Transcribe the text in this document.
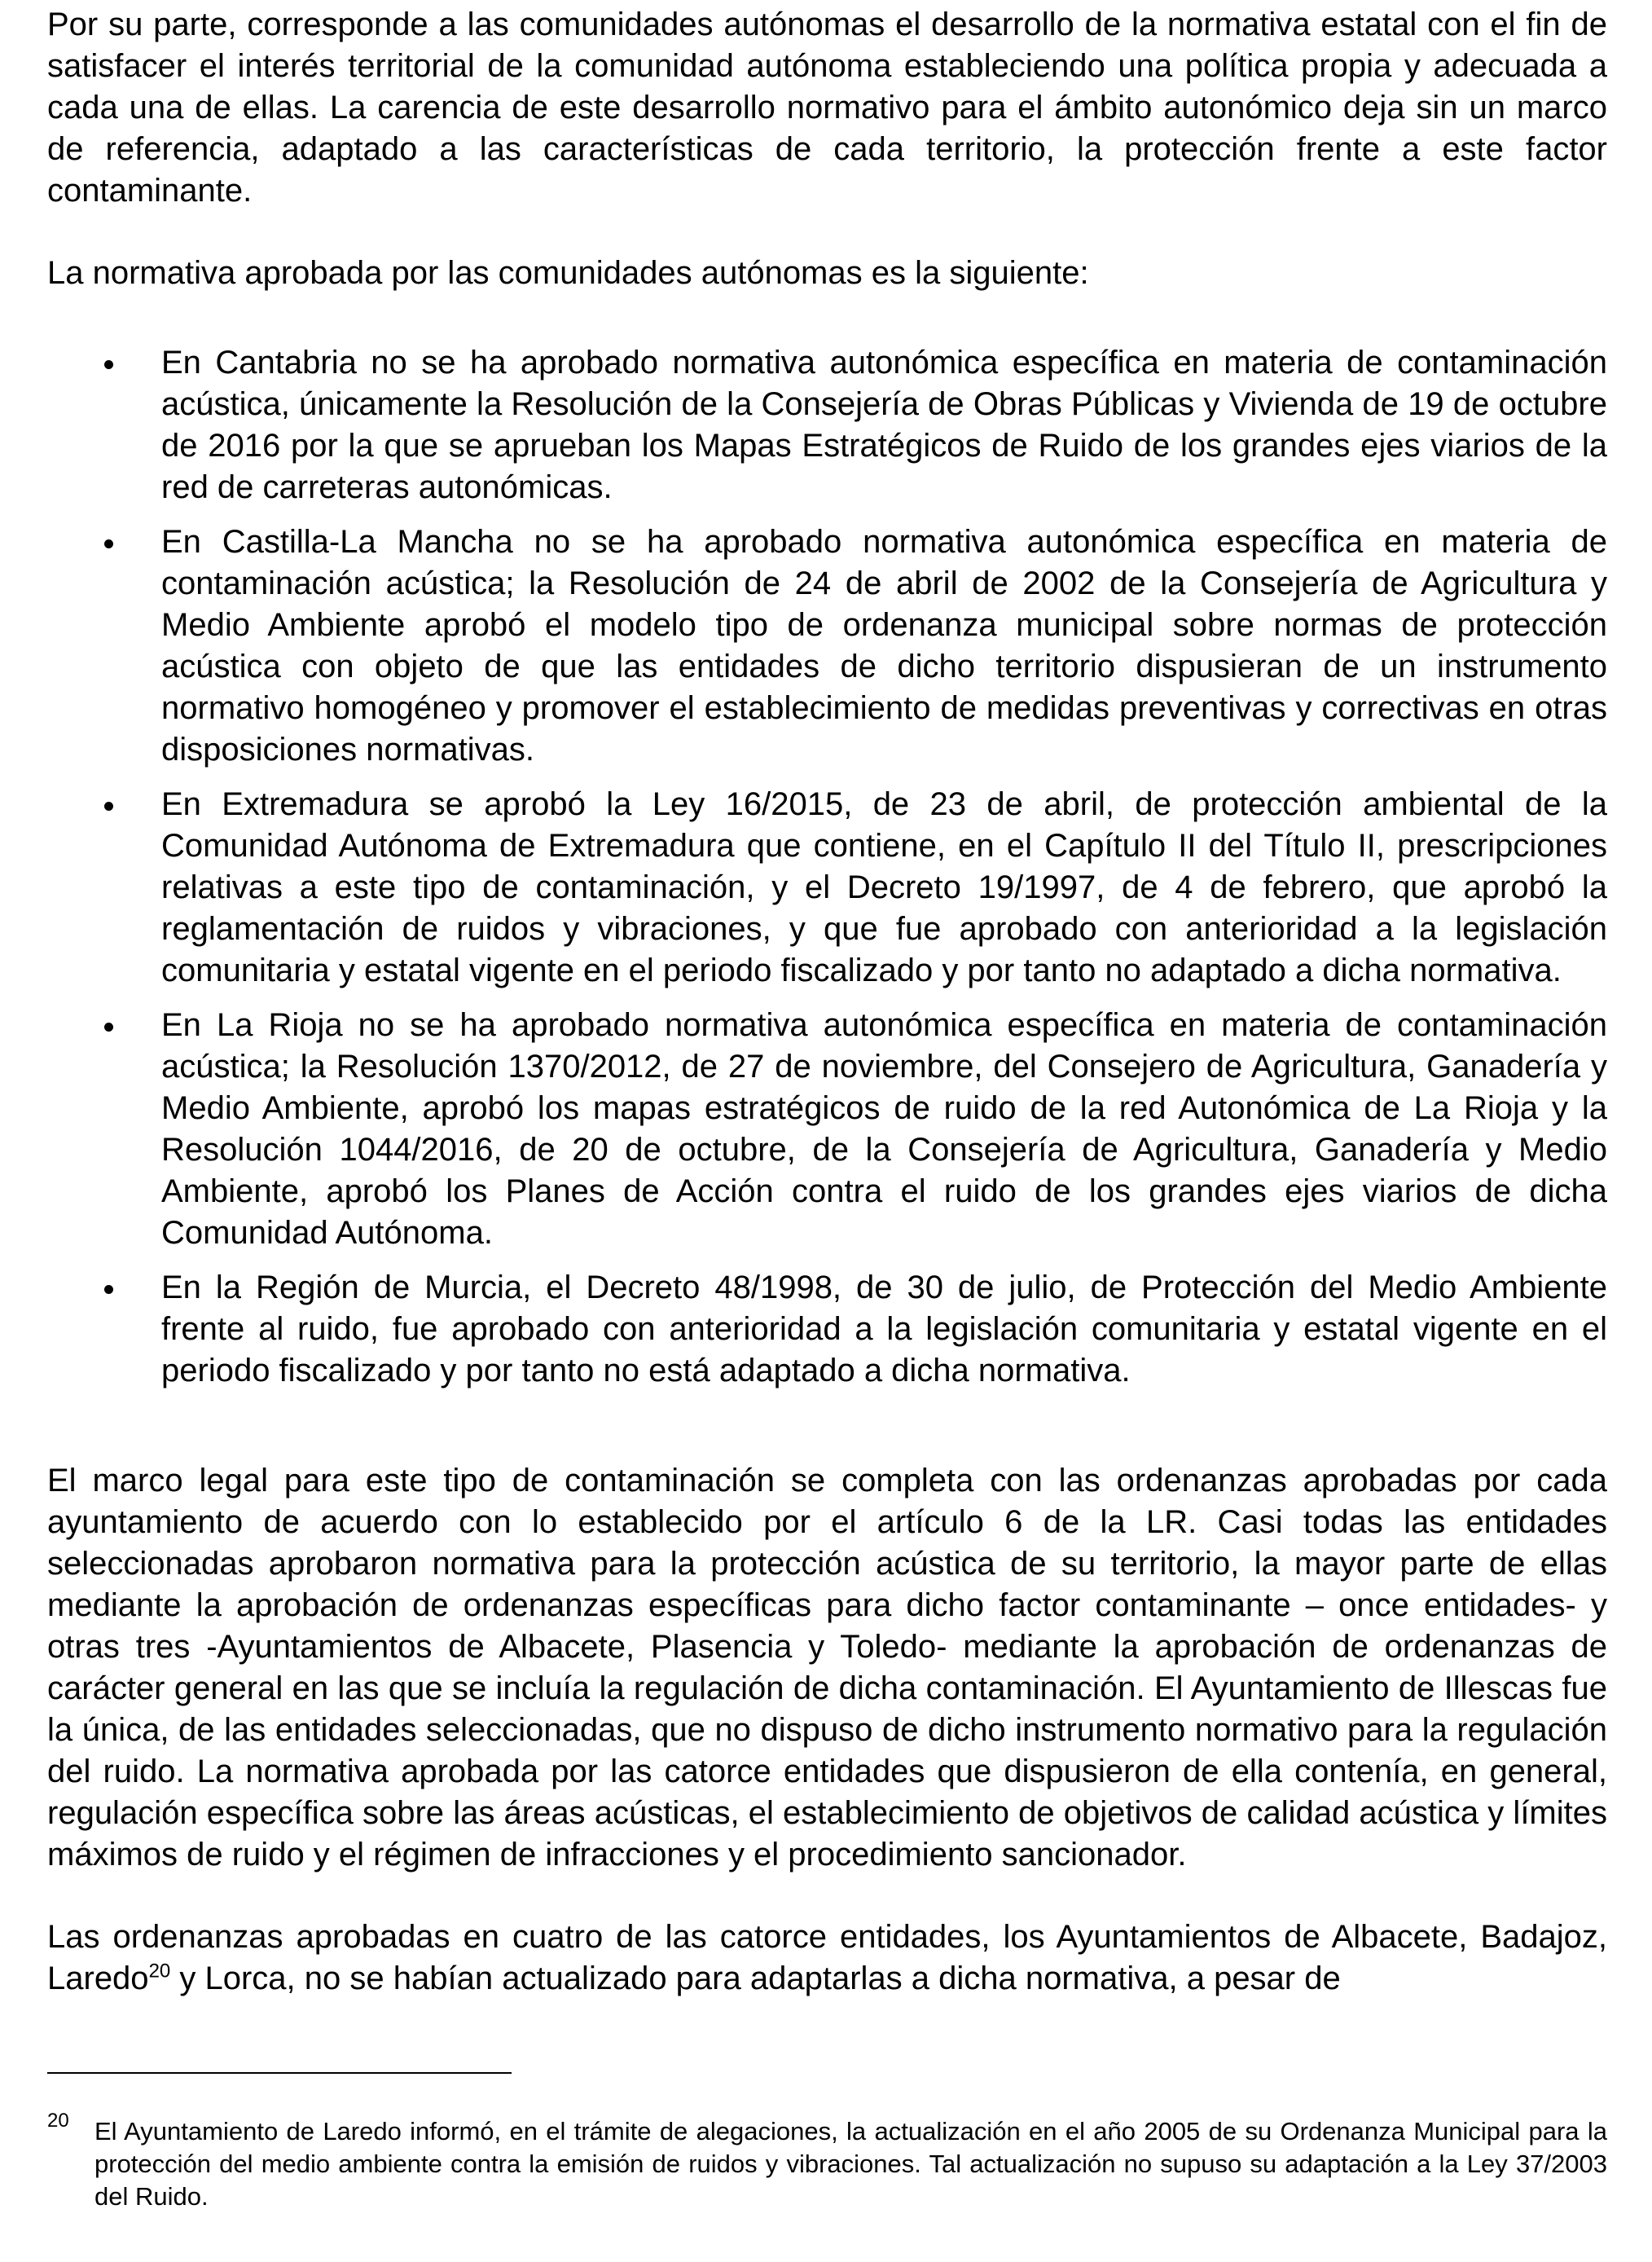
Por su parte, corresponde a las comunidades autónomas el desarrollo de la normativa estatal con el fin de satisfacer el interés territorial de la comunidad autónoma estableciendo una política propia y adecuada a cada una de ellas. La carencia de este desarrollo normativo para el ámbito autonómico deja sin un marco de referencia, adaptado a las características de cada territorio, la protección frente a este factor contaminante.

La normativa aprobada por las comunidades autónomas es la siguiente:

En Cantabria no se ha aprobado normativa autonómica específica en materia de contaminación acústica, únicamente la Resolución de la Consejería de Obras Públicas y Vivienda de 19 de octubre de 2016 por la que se aprueban los Mapas Estratégicos de Ruido de los grandes ejes viarios de la red de carreteras autonómicas.
En Castilla-La Mancha no se ha aprobado normativa autonómica específica en materia de contaminación acústica; la Resolución de 24 de abril de 2002 de la Consejería de Agricultura y Medio Ambiente aprobó el modelo tipo de ordenanza municipal sobre normas de protección acústica con objeto de que las entidades de dicho territorio dispusieran de un instrumento normativo homogéneo y promover el establecimiento de medidas preventivas y correctivas en otras disposiciones normativas.
En Extremadura se aprobó la Ley 16/2015, de 23 de abril, de protección ambiental de la Comunidad Autónoma de Extremadura que contiene, en el Capítulo II del Título II, prescripciones relativas a este tipo de contaminación, y el Decreto 19/1997, de 4 de febrero, que aprobó la reglamentación de ruidos y vibraciones, y que fue aprobado con anterioridad a la legislación comunitaria y estatal vigente en el periodo fiscalizado y por tanto no adaptado a dicha normativa.
En La Rioja no se ha aprobado normativa autonómica específica en materia de contaminación acústica; la Resolución 1370/2012, de 27 de noviembre, del Consejero de Agricultura, Ganadería y Medio Ambiente, aprobó los mapas estratégicos de ruido de la red Autonómica de La Rioja y la Resolución 1044/2016, de 20 de octubre, de la Consejería de Agricultura, Ganadería y Medio Ambiente, aprobó los Planes de Acción contra el ruido de los grandes ejes viarios de dicha Comunidad Autónoma.
En la Región de Murcia, el Decreto 48/1998, de 30 de julio, de Protección del Medio Ambiente frente al ruido, fue aprobado con anterioridad a la legislación comunitaria y estatal vigente en el periodo fiscalizado y por tanto no está adaptado a dicha normativa.

El marco legal para este tipo de contaminación se completa con las ordenanzas aprobadas por cada ayuntamiento de acuerdo con lo establecido por el artículo 6 de la LR. Casi todas las entidades seleccionadas aprobaron normativa para la protección acústica de su territorio, la mayor parte de ellas mediante la aprobación de ordenanzas específicas para dicho factor contaminante – once entidades- y otras tres -Ayuntamientos de Albacete, Plasencia y Toledo- mediante la aprobación de ordenanzas de carácter general en las que se incluía la regulación de dicha contaminación. El Ayuntamiento de Illescas fue la única, de las entidades seleccionadas, que no dispuso de dicho instrumento normativo para la regulación del ruido. La normativa aprobada por las catorce entidades que dispusieron de ella contenía, en general, regulación específica sobre las áreas acústicas, el establecimiento de objetivos de calidad acústica y límites máximos de ruido y el régimen de infracciones y el procedimiento sancionador.

Las ordenanzas aprobadas en cuatro de las catorce entidades, los Ayuntamientos de Albacete, Badajoz, Laredo$^{20}$ y Lorca, no se habían actualizado para adaptarlas a dicha normativa, a pesar de

20	El Ayuntamiento de Laredo informó, en el trámite de alegaciones, la actualización en el año 2005 de su Ordenanza Municipal para la protección del medio ambiente contra la emisión de ruidos y vibraciones. Tal actualización no supuso su adaptación a la Ley 37/2003 del Ruido.
